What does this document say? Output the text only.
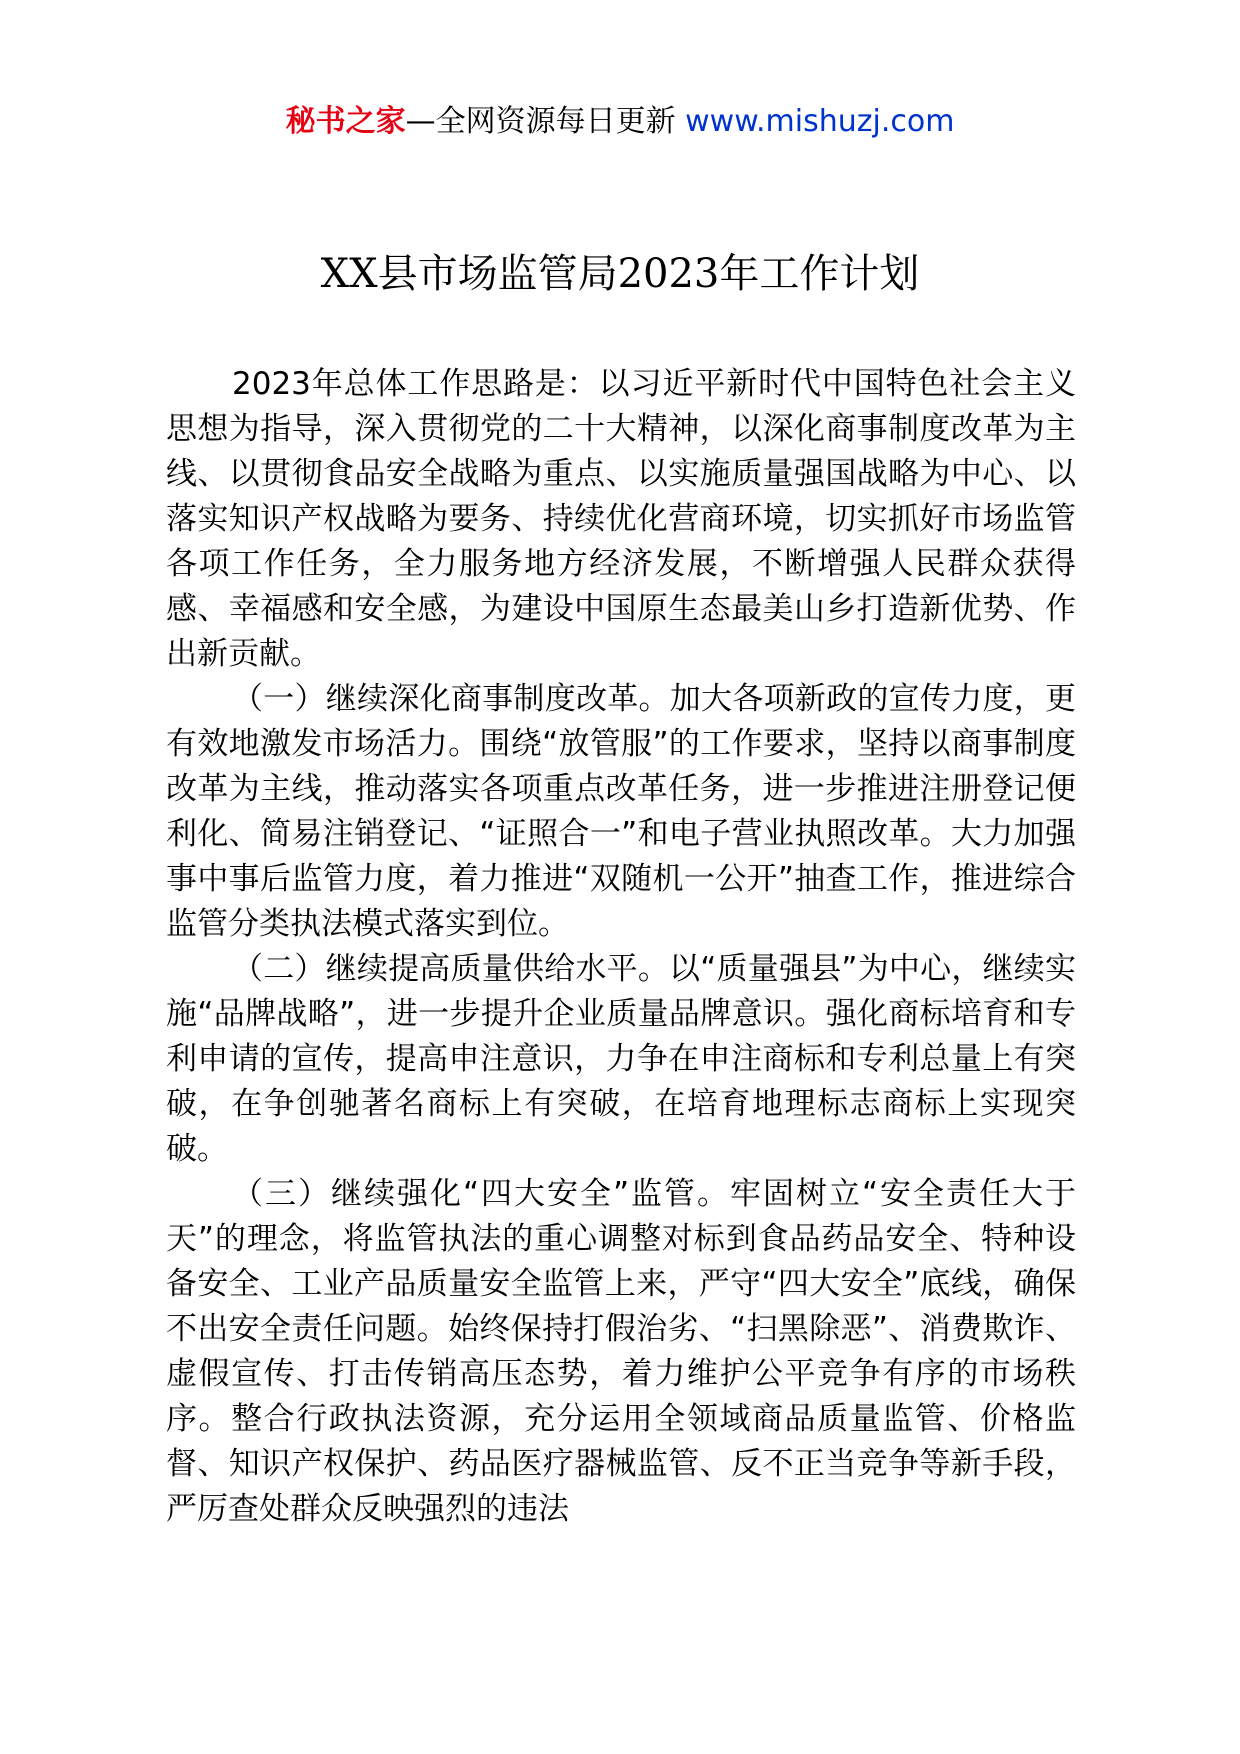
秘书之家—全网资源每日更新 www.mishuzj.com
XX县市场监管局2023年工作计划

2023年总体工作思路是：以习近平新时代中国特色社会主义思想为指导，深入贯彻党的二十大精神，以深化商事制度改革为主线、以贯彻食品安全战略为重点、以实施质量强国战略为中心、以落实知识产权战略为要务、持续优化营商环境，切实抓好市场监管各项工作任务，全力服务地方经济发展，不断增强人民群众获得感、幸福感和安全感，为建设中国原生态最美山乡打造新优势、作出新贡献。

（一）继续深化商事制度改革。加大各项新政的宣传力度，更有效地激发市场活力。围绕“放管服”的工作要求，坚持以商事制度改革为主线，推动落实各项重点改革任务，进一步推进注册登记便利化、简易注销登记、“证照合一”和电子营业执照改革。大力加强事中事后监管力度，着力推进“双随机一公开”抽查工作，推进综合监管分类执法模式落实到位。

（二）继续提高质量供给水平。以“质量强县”为中心，继续实施“品牌战略”，进一步提升企业质量品牌意识。强化商标培育和专利申请的宣传，提高申注意识，力争在申注商标和专利总量上有突破，在争创驰著名商标上有突破，在培育地理标志商标上实现突破。

（三）继续强化“四大安全”监管。牢固树立“安全责任大于天”的理念，将监管执法的重心调整对标到食品药品安全、特种设备安全、工业产品质量安全监管上来，严守“四大安全”底线，确保不出安全责任问题。始终保持打假治劣、“扫黑除恶”、消费欺诈、虚假宣传、打击传销高压态势，着力维护公平竞争有序的市场秩序。整合行政执法资源，充分运用全领域商品质量监管、价格监督、知识产权保护、药品医疗器械监管、反不正当竞争等新手段，严厉查处群众反映强烈的违法
